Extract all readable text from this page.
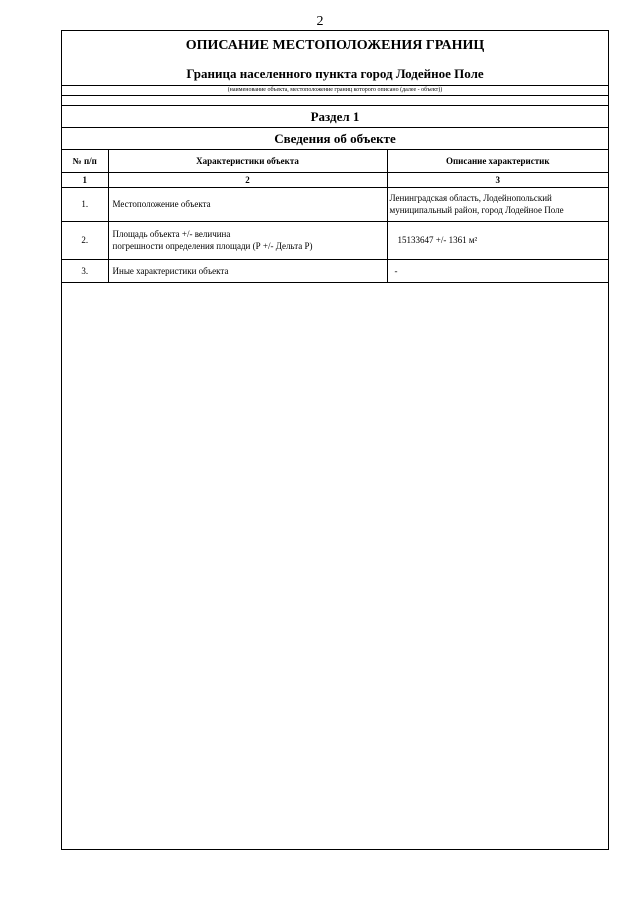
2
ОПИСАНИЕ МЕСТОПОЛОЖЕНИЯ ГРАНИЦ
Граница населенного пункта город Лодейное Поле
(наименование объекта, местоположение границ которого описано (далее - объект))
Раздел 1
Сведения об объекте
№ п/п	Характеристики объекта	Описание характеристик
1	2	3
1.	Местоположение объекта	Ленинградская область, Лодейнопольский
муниципальный район, город Лодейное Поле

2.	Площадь объекта +/- величина
погрешности определения площади (Р +/- Дельта Р)	15133647 +/- 1361 м²
3.	Иные характеристики объекта	-
